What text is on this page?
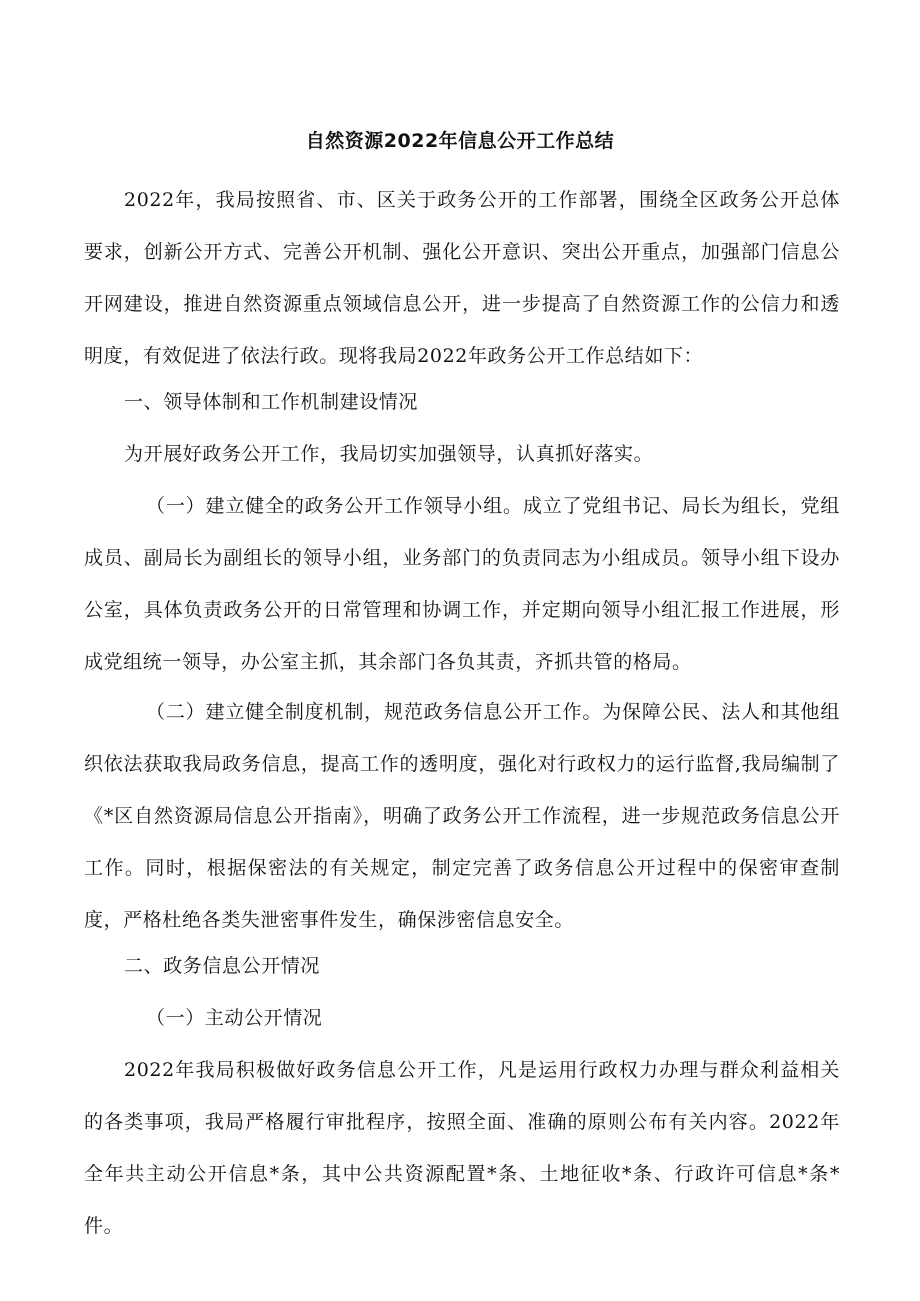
自然资源2022年信息公开工作总结

2022年，我局按照省、市、区关于政务公开的工作部署，围绕全区政务公开总体要求，创新公开方式、完善公开机制、强化公开意识、突出公开重点，加强部门信息公开网建设，推进自然资源重点领域信息公开，进一步提高了自然资源工作的公信力和透明度，有效促进了依法行政。现将我局2022年政务公开工作总结如下：

一、领导体制和工作机制建设情况

为开展好政务公开工作，我局切实加强领导，认真抓好落实。

（一）建立健全的政务公开工作领导小组。成立了党组书记、局长为组长，党组成员、副局长为副组长的领导小组，业务部门的负责同志为小组成员。领导小组下设办公室，具体负责政务公开的日常管理和协调工作，并定期向领导小组汇报工作进展，形成党组统一领导，办公室主抓，其余部门各负其责，齐抓共管的格局。

（二）建立健全制度机制，规范政务信息公开工作。为保障公民、法人和其他组织依法获取我局政务信息，提高工作的透明度，强化对行政权力的运行监督,我局编制了《*区自然资源局信息公开指南》，明确了政务公开工作流程，进一步规范政务信息公开工作。同时，根据保密法的有关规定，制定完善了政务信息公开过程中的保密审查制度，严格杜绝各类失泄密事件发生，确保涉密信息安全。

二、政务信息公开情况

（一）主动公开情况

2022年我局积极做好政务信息公开工作，凡是运用行政权力办理与群众利益相关的各类事项，我局严格履行审批程序，按照全面、准确的原则公布有关内容。2022年全年共主动公开信息*条，其中公共资源配置*条、土地征收*条、行政许可信息*条*件。
